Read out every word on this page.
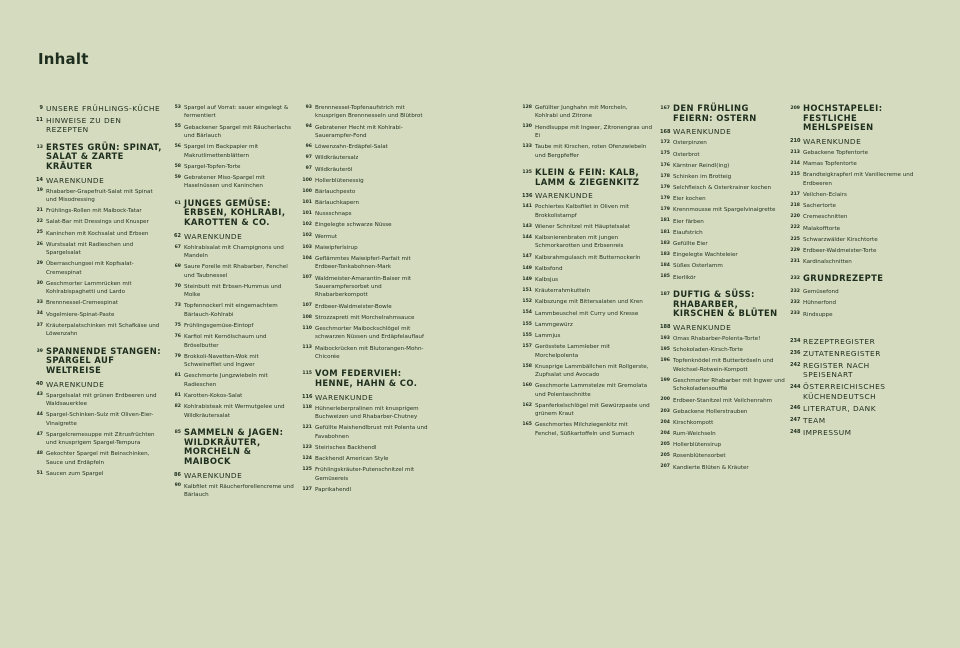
Inhalt
9 UNSERE FRÜHLINGS-KÜCHE
11 HINWEISE ZU DEN REZEPTEN
13 ERSTES GRÜN: SPINAT, SALAT & ZARTE KRÄUTER
14 WARENKUNDE
19 Rhabarber-Grapefruit-Salat mit Spinat und Misodressing
21 Frühlings-Rollen mit Maibock-Tatar
22 Salat-Bar mit Dressings und Knusper
25 Kaninchen mit Kochsalat und Erbsen
26 Wurstsalat mit Radieschen und Spargelsalat
29 Überraschungsei mit Kopfsalat-Cremespinat
30 Geschmorter Lammrücken mit Kohlrabispaghetti und Lardo
33 Brennnessel-Cremespinat
34 Vogelmiere-Spinat-Paste
37 Kräuterpalatschinken mit Schafkäse und Löwenzahn
39 SPANNENDE STANGEN: SPARGEL AUF WELTREISE
40 WARENKUNDE
43 Spargelsalat mit grünen Erdbeeren und Waldsauerklee
44 Spargel-Schinken-Sulz mit Oliven-Eier-Vinaigrette
47 Spargelcremesuppe mit Zitrusfrüchten und knusprigem Spargel-Tempura
48 Gekochter Spargel mit Beinschinken, Sauce und Erdäpfeln
51 Saucen zum Spargel
53 Spargel auf Vorrat: sauer eingelegt & fermentiert
55 Gebackener Spargel mit Räucherlachs und Bärlauch
56 Spargel im Backpapier mit Makrutlimettenblättern
58 Spargel-Topfen-Torte
59 Gebratener Miso-Spargel mit Haselnüssen und Kaninchen
61 JUNGES GEMÜSE: ERBSEN, KOHLRABI, KAROTTEN & CO.
62 WARENKUNDE
67 Kohlrabisalat mit Champignons und Mandeln
69 Saure Forelle mit Rhabarber, Fenchel und Taubnessel
70 Steinbutt mit Erbsen-Hummus und Molke
73 Topfennockerl mit eingemachtem Bärlauch-Kohlrabi
75 Frühlingsgemüse-Eintopf
76 Karfiol mit Kernölschaum und Bröselbutter
79 Brokkoli-Navetten-Wok mit Schweinefilet und Ingwer
81 Geschmorte Jungzwiebeln mit Radieschen
81 Karotten-Kokos-Salat
82 Kohlrabisteak mit Wermutgelee und Wildkräutersalat
85 SAMMELN & JAGEN: WILDKRÄUTER, MORCHELN & MAIBOCK
86 WARENKUNDE
90 Kalbfilet mit Räucherforellencreme und Bärlauch
93 Brennnessel-Topfenaufstrich mit knusprigen Brennnesseln und Blütbrot
94 Gebratener Hecht mit Kohlrabi-Sauerampfer-Fond
96 Löwenzahn-Erdäpfel-Salat
97 Wildkräutersalz
97 Wildkräuteröl
100 Hollerblütenessig
100 Bärlauchpesto
101 Bärlauchkapern
101 Nussschnaps
102 Eingelegte schwarze Nüsse
102 Wermut
103 Maiwipferlsirup
104 Geflämmtes Maiwipferl-Parfait mit Erdbeer-Tonkabohnen-Mark
107 Waldmeister-Amarantin-Baiser mit Sauerampfersorbet und Rhabarberkompott
107 Erdbeer-Waldmeister-Bowle
108 Strozzapreti mit Morchelrahmsauce
110 Geschmorter Maibockschlögel mit schwarzen Nüssen und Erdäpfelauflauf
113 Maibockrücken mit Blutorangen-Mohn-Chicorée
115 VOM FEDERVIEH: HENNE, HAHN & CO.
116 WARENKUNDE
118 Hühnerleberpralinen mit knusprigem Buchweizen und Rhabarber-Chutney
121 Gefüllte Maishendlbrust mit Polenta und Favabohnen
123 Steirisches Backhendl
124 Backhendl American Style
125 Frühlingskräuter-Putenschnitzel mit Gemüsereis
127 Paprikahendl
128 Gefüllter Junghahn mit Morcheln, Kohlrabi und Zitrone
130 Hendlsuppe mit Ingwer, Zitronengras und Ei
133 Taube mit Kirschen, roten Ofenzwiebeln und Bergpfeffer
135 KLEIN & FEIN: KALB, LAMM & ZIEGENKITZ
136 WARENKUNDE
141 Pochiertes Kalbsfilet in Oliven mit Brokkolistampf
143 Wiener Schnitzel mit Häuptelsalat
144 Kalbsnierenbraten mit jungen Schmorkarotten und Erbsenreis
147 Kalbsrahmgulasch mit Butternockerln
149 Kalbsfond
149 Kalbsjus
151 Kräuterrahmkutteln
152 Kalbszunge mit Bittersalaten und Kren
154 Lammbeuschel mit Curry und Kresse
155 Lammgewürz
155 Lammjus
157 Gerösstete Lammleber mit Morchelpolenta
158 Knusprige Lammbällchen mit Rollgerste, Zupfsalat und Avocado
160 Geschmorte Lammstelze mit Gremolata und Polentaschnitte
162 Spanferkelschlögel mit Gewürzpaste und grünem Kraut
165 Geschmortes Milchziegenkitz mit Fenchel, Süßkartoffeln und Sumach
167 DEN FRÜHLING FEIERN: OSTERN
168 WARENKUNDE
172 Osterpinzen
175 Osterbrot
176 Kärntner Reindl(ing)
178 Schinken im Brotteig
179 Selchfleisch & Osterkrainer kochen
179 Eier kochen
179 Krennmousse mit Spargelvinaigrette
181 Eier färben
181 Eiaufstrich
183 Gefüllte Eier
183 Eingelegte Wachteleier
184 Süßes Osterlamm
185 Eierlikör
187 DUFTIG & SÜSS: RHABARBER, KIRSCHEN & BLÜTEN
188 WARENKUNDE
193 Omas Rhabarber-Polenta-Torte!
195 Schokoladen-Kirsch-Torte
196 Topfenknödel mit Butterbröseln und Weichsel-Rotwein-Kompott
199 Geschmorter Rhabarber mit Ingwer und Schokoladensoufflé
200 Erdbeer-Stanitzel mit Veilchenrahm
203 Gebackene Hollerstrauben
204 Kirschkompott
204 Rum-Weichseln
205 Hollerblütensirup
205 Rosenblütensorbet
207 Kandierte Blüten & Kräuter
209 HOCHSTAPELEI: FESTLICHE MEHLSPEISEN
210 WARENKUNDE
213 Gebackene Topfentorte
214 Mamas Topfentorte
215 Brandteigkrapferl mit Vanillecreme und Erdbeeren
217 Veilchen-Eclairs
218 Sachertorte
220 Cremeschnitten
222 Malakofftorte
225 Schwarzwälder Kirschtorte
229 Erdbeer-Waldmeister-Torte
231 Kardinalschnitten
232 GRUNDREZEPTE
232 Gemüsefond
232 Hühnerfond
233 Rindsuppe
234 REZEPTREGISTER
236 ZUTATENREGISTER
242 REGISTER NACH SPEISENART
244 ÖSTERREICHISCHES KÜCHENDEUTSCH
246 LITERATUR, DANK
247 TEAM
248 IMPRESSUM
